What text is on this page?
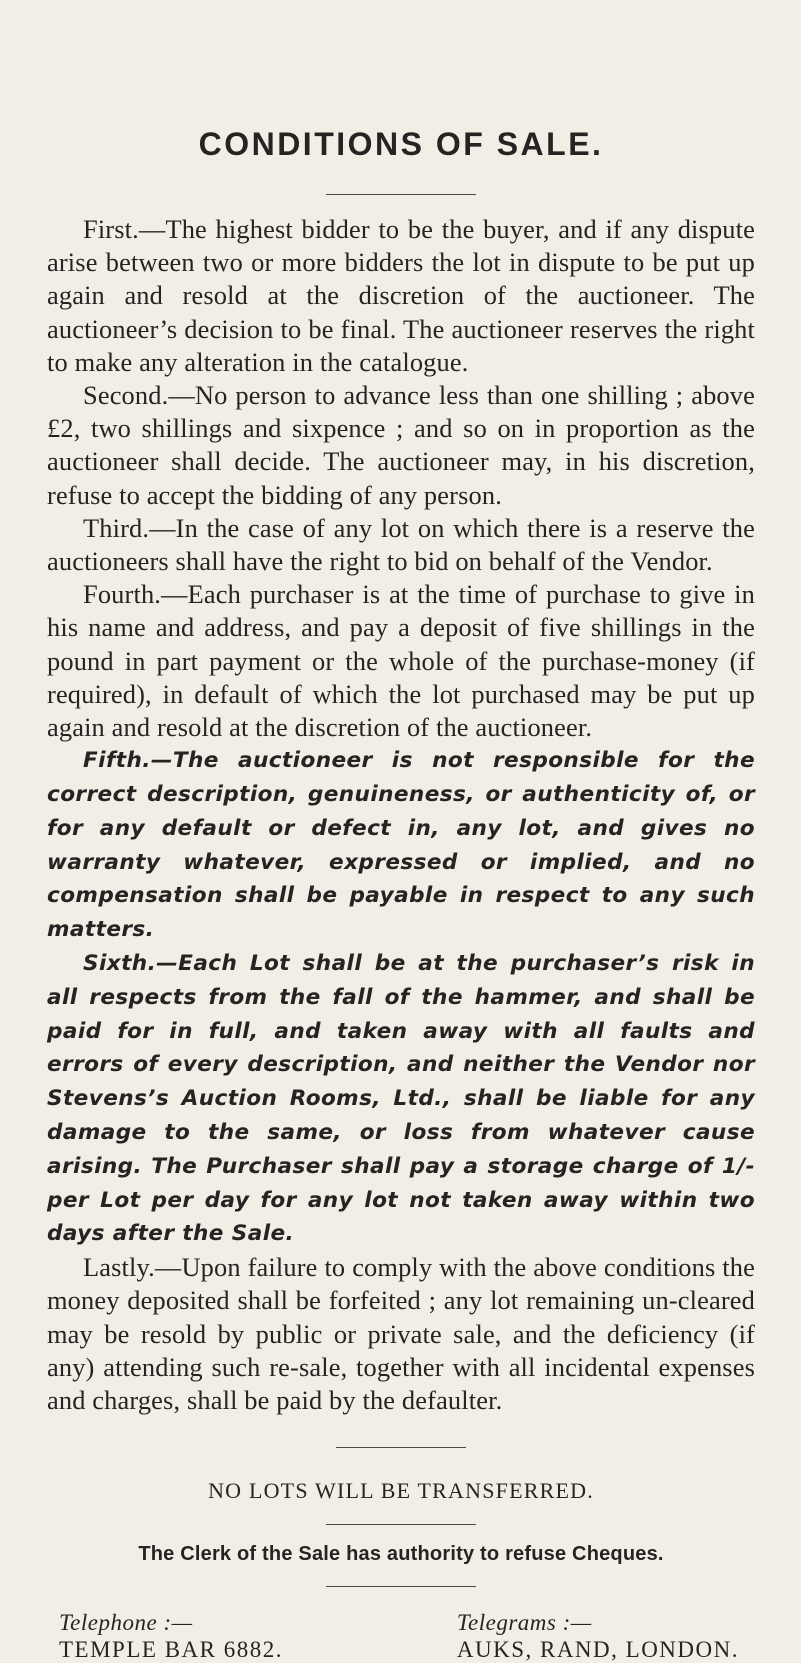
CONDITIONS OF SALE.

First.—The highest bidder to be the buyer, and if any dispute arise between two or more bidders the lot in dispute to be put up again and resold at the discretion of the auctioneer. The auctioneer’s decision to be final. The auctioneer reserves the right to make any alteration in the catalogue.

Second.—No person to advance less than one shilling ; above £2, two shillings and sixpence ; and so on in proportion as the auctioneer shall decide. The auctioneer may, in his discretion, refuse to accept the bidding of any person.

Third.—In the case of any lot on which there is a reserve the auctioneers shall have the right to bid on behalf of the Vendor.

Fourth.—Each purchaser is at the time of purchase to give in his name and address, and pay a deposit of five shillings in the pound in part payment or the whole of the purchase-money (if required), in default of which the lot purchased may be put up again and resold at the discretion of the auctioneer.

Fifth.—The auctioneer is not responsible for the correct description, genuineness, or authenticity of, or for any default or defect in, any lot, and gives no warranty whatever, expressed or implied, and no compensation shall be payable in respect to any such matters.

Sixth.—Each Lot shall be at the purchaser’s risk in all respects from the fall of the hammer, and shall be paid for in full, and taken away with all faults and errors of every description, and neither the Vendor nor Stevens’s Auction Rooms, Ltd., shall be liable for any damage to the same, or loss from whatever cause arising. The Purchaser shall pay a storage charge of 1/- per Lot per day for any lot not taken away within two days after the Sale.

Lastly.—Upon failure to comply with the above conditions the money deposited shall be forfeited ; any lot remaining un-cleared may be resold by public or private sale, and the deficiency (if any) attending such re-sale, together with all incidental expenses and charges, shall be paid by the defaulter.

NO LOTS WILL BE TRANSFERRED.

The Clerk of the Sale has authority to refuse Cheques.

Telephone :—
TEMPLE BAR 6882.
Telegrams :—
AUKS, RAND, LONDON.
